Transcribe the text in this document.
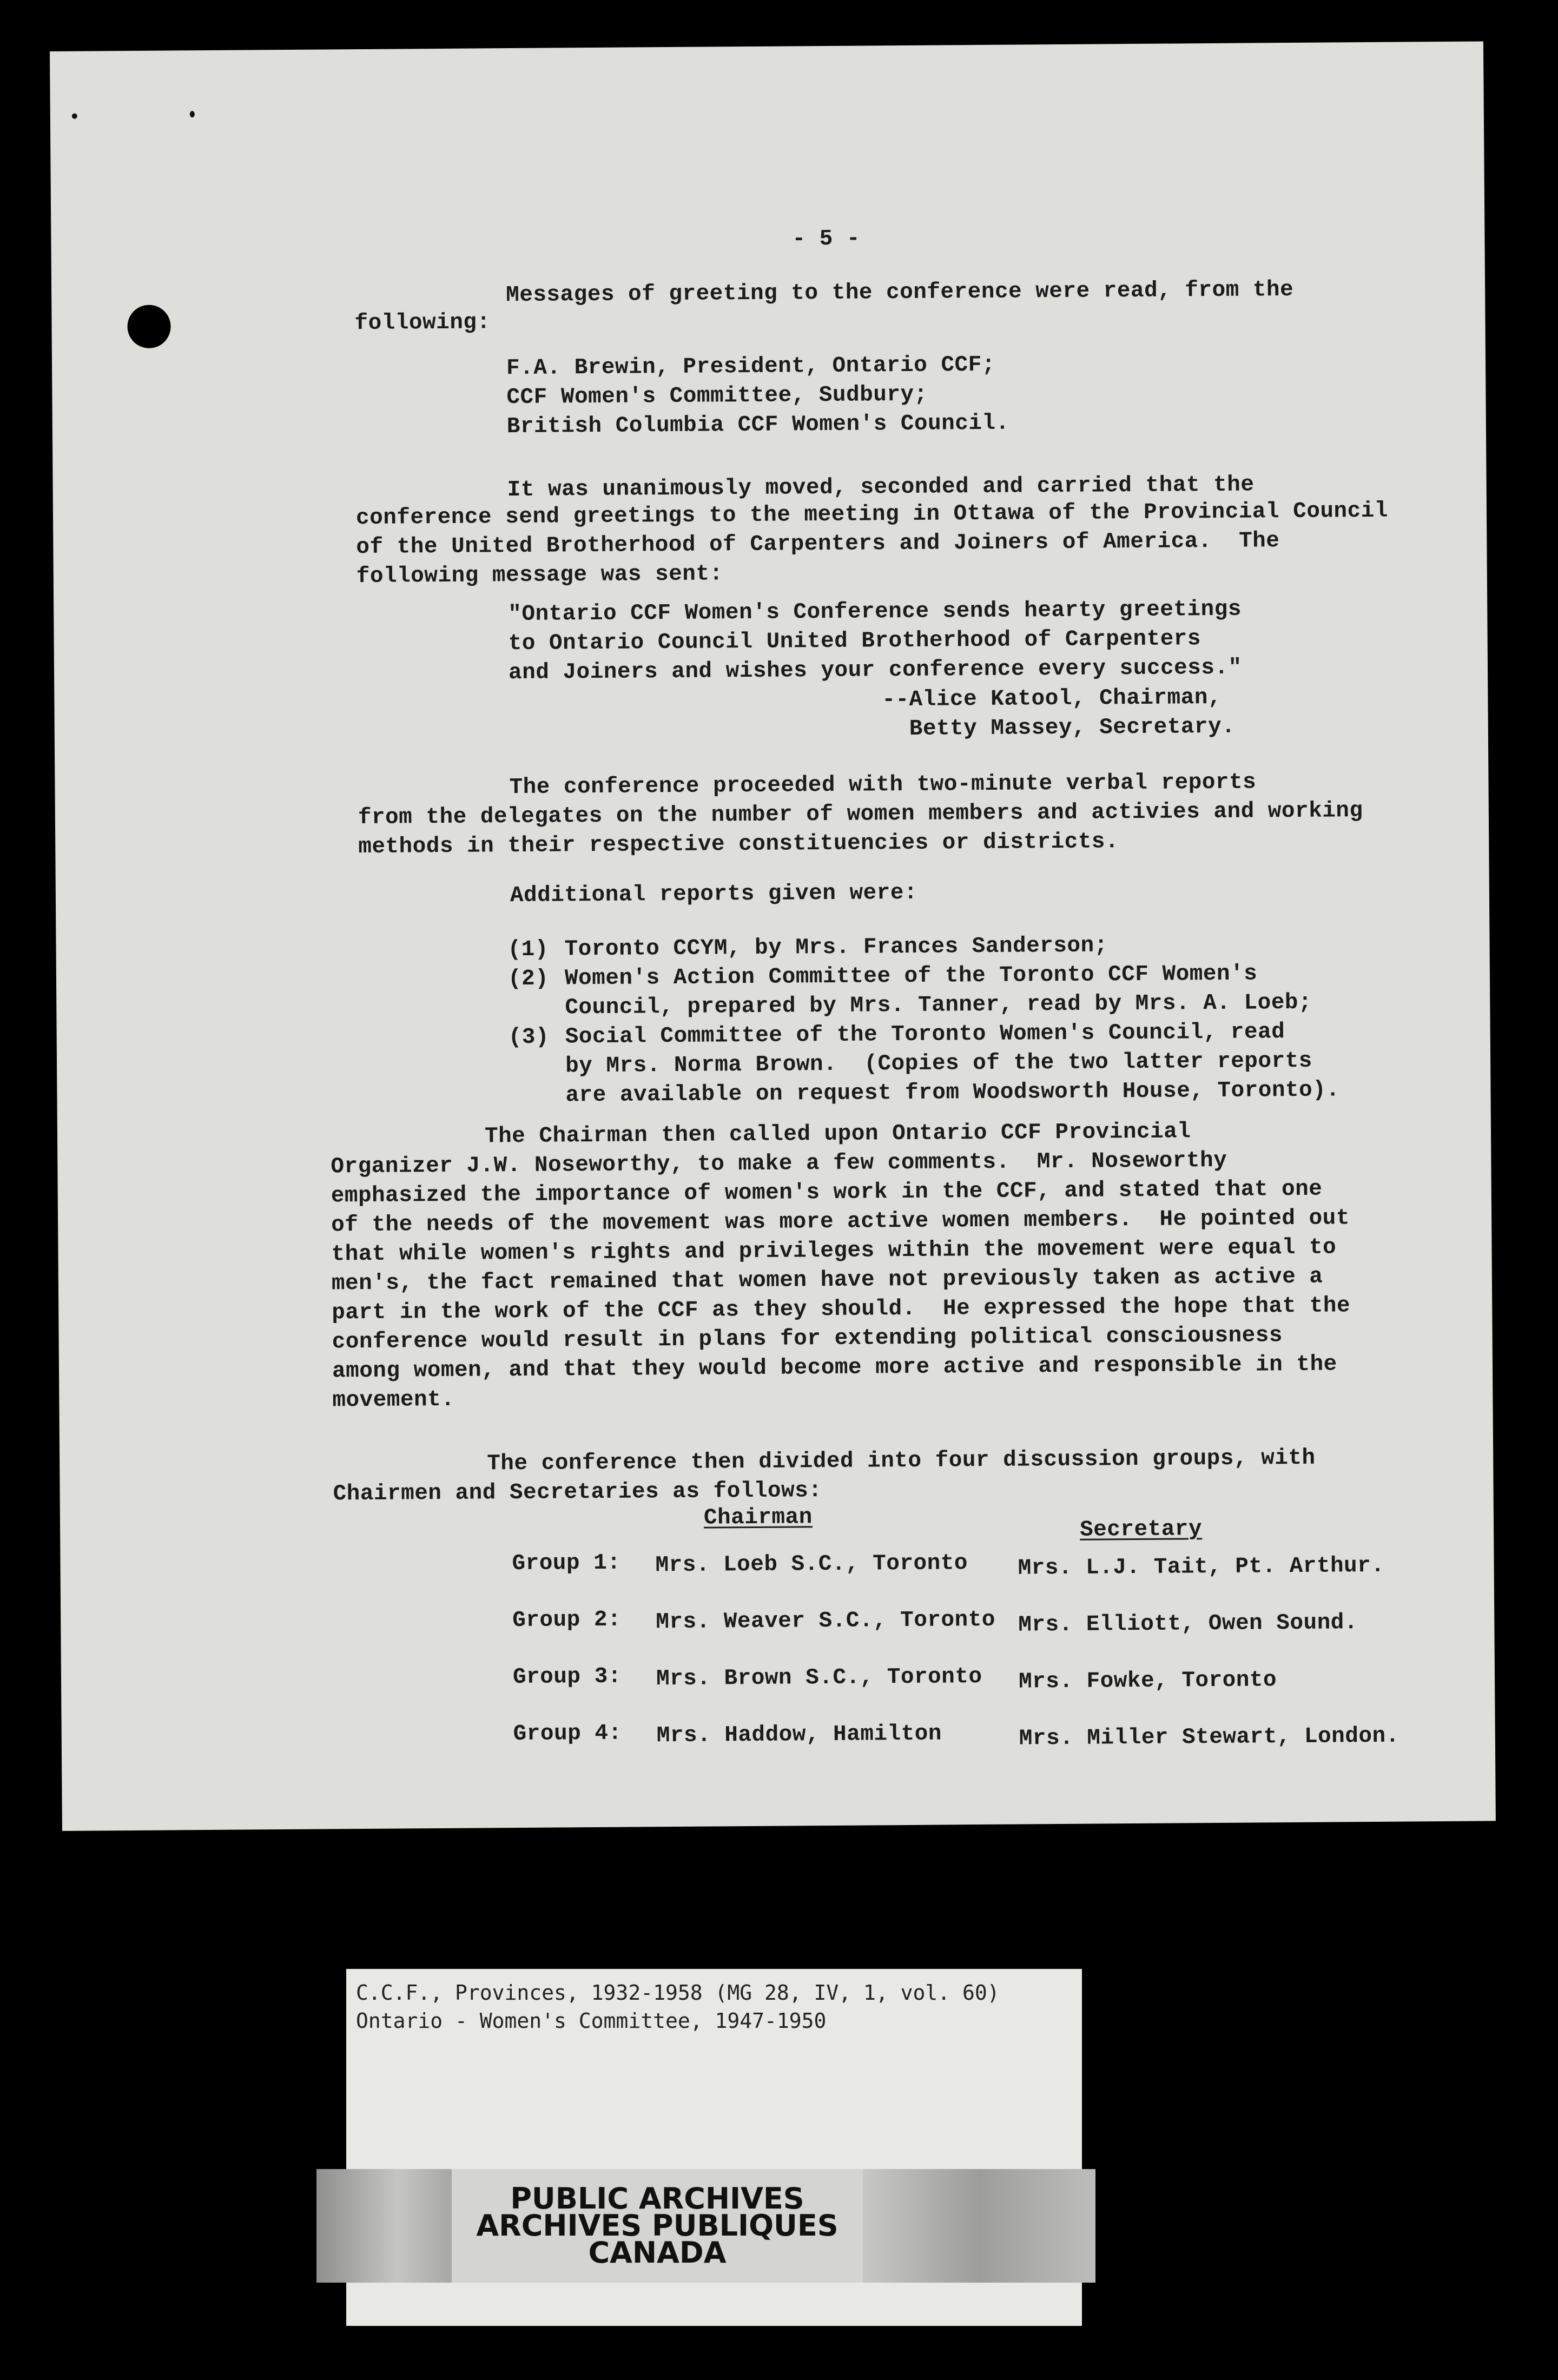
- 5 -
Messages of greeting to the conference were read, from the
following:
F.A. Brewin, President, Ontario CCF;
CCF Women's Committee, Sudbury;
British Columbia CCF Women's Council.
It was unanimously moved, seconded and carried that the
conference send greetings to the meeting in Ottawa of the Provincial Council
of the United Brotherhood of Carpenters and Joiners of America.  The
following message was sent:
"Ontario CCF Women's Conference sends hearty greetings
to Ontario Council United Brotherhood of Carpenters
and Joiners and wishes your conference every success."
--Alice Katool, Chairman,
Betty Massey, Secretary.
The conference proceeded with two-minute verbal reports
from the delegates on the number of women members and activies and working
methods in their respective constituencies or districts.
Additional reports given were:
(1) Toronto CCYM, by Mrs. Frances Sanderson;
(2) Women's Action Committee of the Toronto CCF Women's
Council, prepared by Mrs. Tanner, read by Mrs. A. Loeb;
(3) Social Committee of the Toronto Women's Council, read
by Mrs. Norma Brown.  (Copies of the two latter reports
are available on request from Woodsworth House, Toronto).
The Chairman then called upon Ontario CCF Provincial
Organizer J.W. Noseworthy, to make a few comments.  Mr. Noseworthy
emphasized the importance of women's work in the CCF, and stated that one
of the needs of the movement was more active women members.  He pointed out
that while women's rights and privileges within the movement were equal to
men's, the fact remained that women have not previously taken as active a
part in the work of the CCF as they should.  He expressed the hope that the
conference would result in plans for extending political consciousness
among women, and that they would become more active and responsible in the
movement.
The conference then divided into four discussion groups, with
Chairmen and Secretaries as follows:
Chairman	Secretary
Group 1: Mrs. Loeb S.C., Toronto Mrs. L.J. Tait, Pt. Arthur.
Group 2: Mrs. Weaver S.C., Toronto Mrs. Elliott, Owen Sound.
Group 3: Mrs. Brown S.C., Toronto Mrs. Fowke, Toronto
Group 4: Mrs. Haddow, Hamilton	Mrs. Miller Stewart, London.
C.C.F., Provinces, 1932-1958 (MG 28, IV, 1, vol. 60)
Ontario - Women's Committee, 1947-1950
PUBLIC ARCHIVES
ARCHIVES PUBLIQUES
CANADA
